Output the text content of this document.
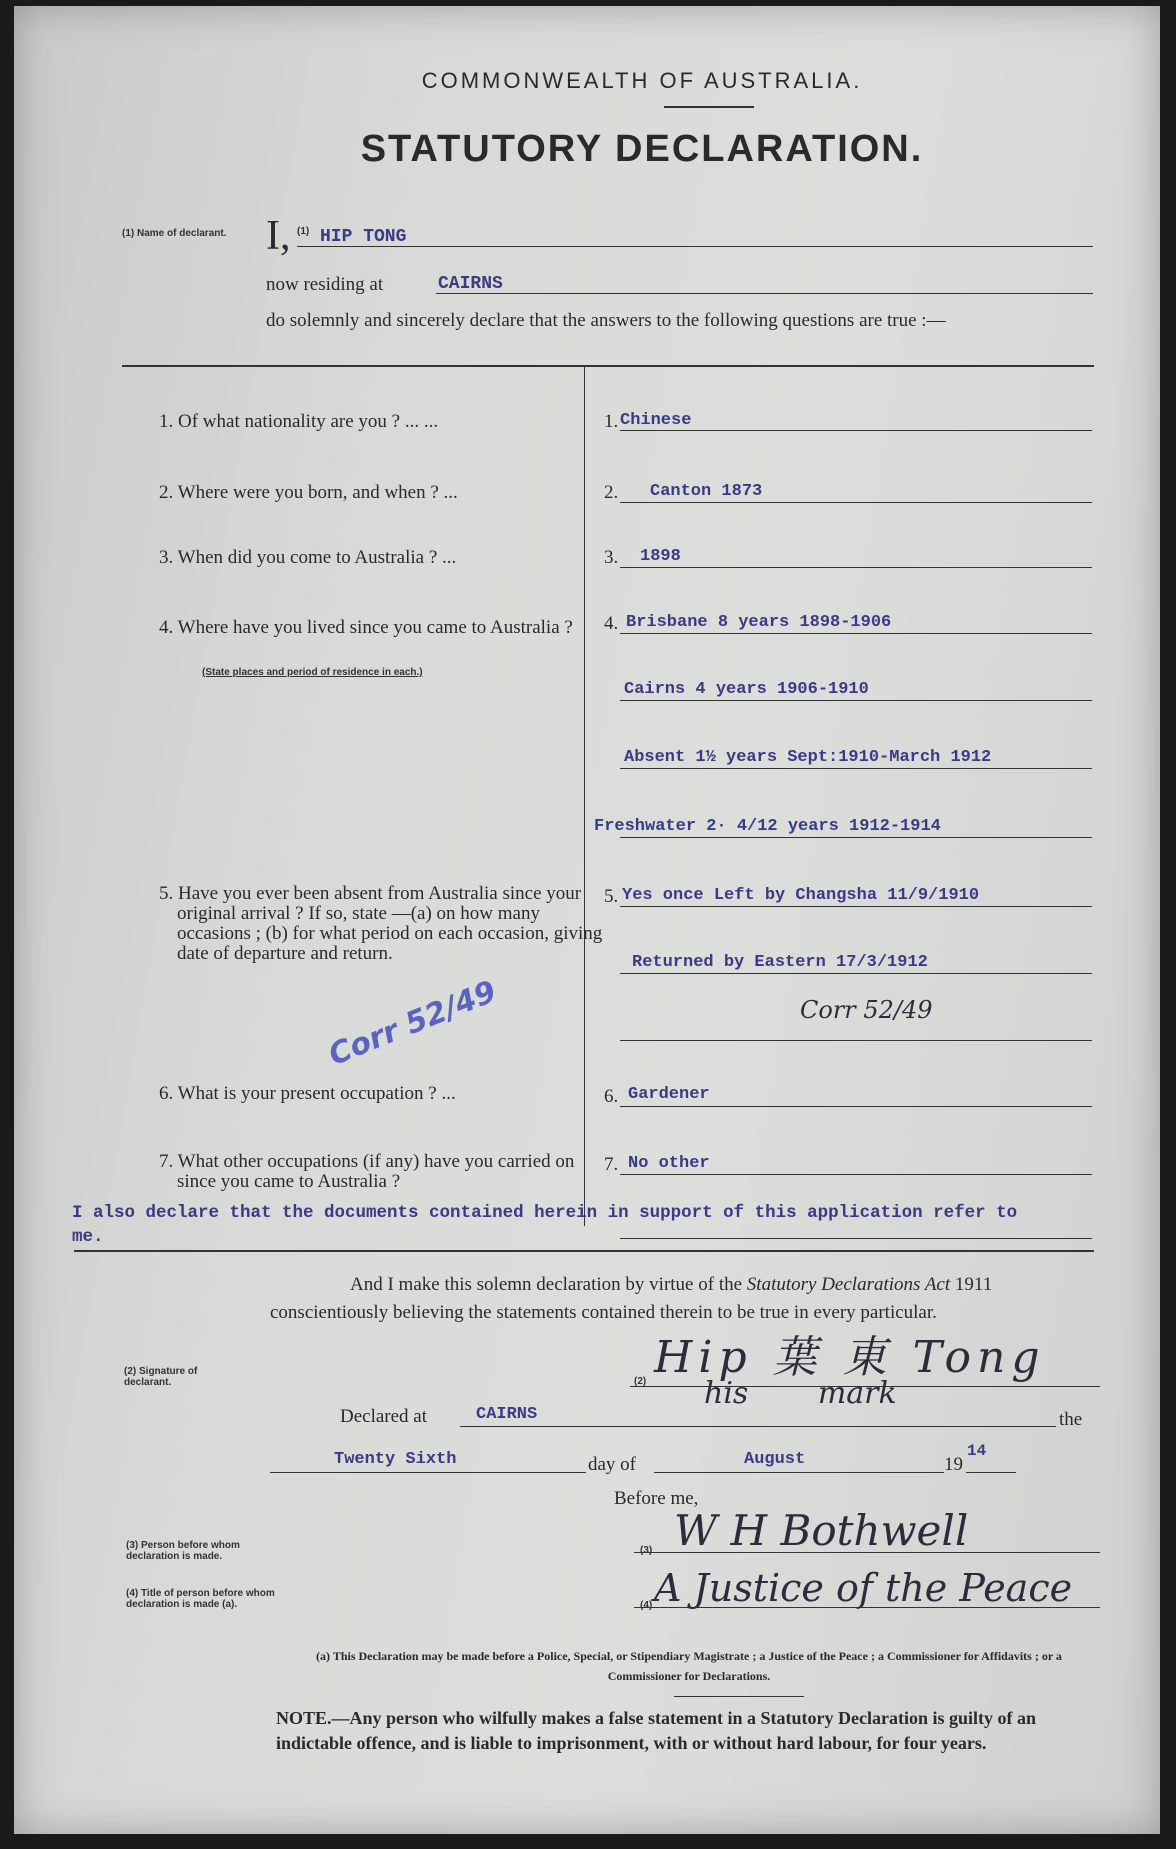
COMMONWEALTH OF AUSTRALIA.
STATUTORY DECLARATION.
(1) Name of declarant. I, (1) HIP TONG
now residing at	CAIRNS
do solemnly and sincerely declare that the answers to the following questions are true :—
1. Of what nationality are you ? ... ...	1. Chinese
2. Where were you born, and when ? ...	2. Canton 1873
3. When did you come to Australia ? ...	3. 1898
4. Where have you lived since you came to Australia ?
(State places and period of residence in each.)
4. Brisbane 8 years 1898-1906
Cairns 4 years 1906-1910
Absent 1½ years Sept:1910-March 1912
Freshwater 2· 4/12 years 1912-1914
5. Have you ever been absent from Australia since your original arrival ? If so, state —(a) on how many occasions ; (b) for what period on each occasion, giving date of departure and return.
5. Yes once Left by Changsha 11/9/1910
Returned by Eastern 17/3/1912
Corr 52/49
Corr 52/49
6. What is your present occupation ? ...	6. Gardener
7. What other occupations (if any) have you carried on since you came to Australia ?
7. No other
I also declare that the documents contained herein in support of this application refer to me.
And I make this solemn declaration by virtue of the Statutory Declarations Act 1911 conscientiously believing the statements contained therein to be true in every particular.
(2) Signature of declarant.	(2) Hip 葉 東 Tong
his mark
Declared at	CAIRNS	the
Twenty Sixth	day of	August	19
14
Before me,
(3) Person before whom declaration is made.
(3) W H Bothwell
(4) Title of person before whom declaration is made (a).	(4) A Justice of the Peace
(a) This Declaration may be made before a Police, Special, or Stipendiary Magistrate ; a Justice of the Peace ; a Commissioner for Affidavits ; or a Commissioner for Declarations.
NOTE.—Any person who wilfully makes a false statement in a Statutory Declaration is guilty of an indictable offence, and is liable to imprisonment, with or without hard labour, for four years.
